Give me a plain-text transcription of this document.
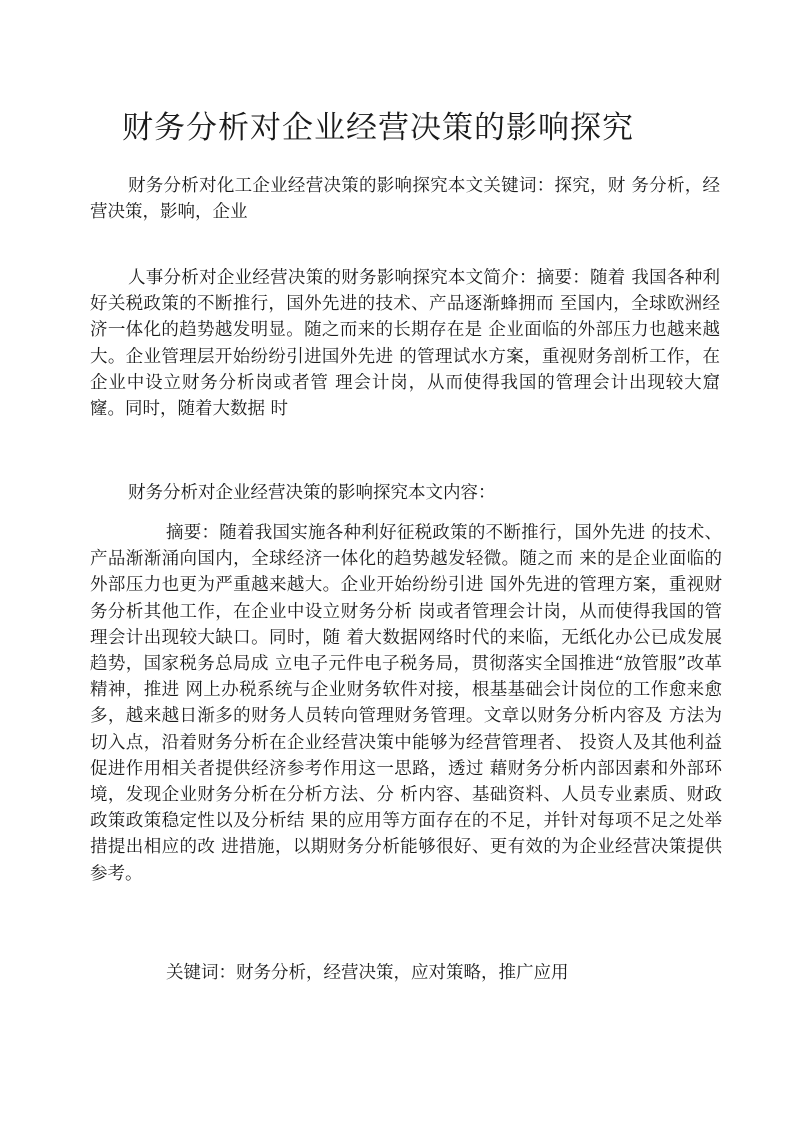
财务分析对企业经营决策的影响探究

财务分析对化工企业经营决策的影响探究本文关键词：探究，财 务分析，经营决策，影响，企业

人事分析对企业经营决策的财务影响探究本文简介：摘要：随着 我国各种利好关税政策的不断推行，国外先进的技术、产品逐渐蜂拥而 至国内，全球欧洲经济一体化的趋势越发明显。随之而来的长期存在是 企业面临的外部压力也越来越大。企业管理层开始纷纷引进国外先进 的管理试水方案，重视财务剖析工作，在企业中设立财务分析岗或者管 理会计岗，从而使得我国的管理会计出现较大窟窿。同时，随着大数据 时

财务分析对企业经营决策的影响探究本文内容：

摘要：随着我国实施各种利好征税政策的不断推行，国外先进 的技术、产品渐渐涌向国内，全球经济一体化的趋势越发轻微。随之而 来的是企业面临的外部压力也更为严重越来越大。企业开始纷纷引进 国外先进的管理方案，重视财务分析其他工作，在企业中设立财务分析 岗或者管理会计岗，从而使得我国的管理会计出现较大缺口。同时，随 着大数据网络时代的来临，无纸化办公已成发展趋势，国家税务总局成 立电子元件电子税务局，贯彻落实全国推进“放管服”改革精神，推进 网上办税系统与企业财务软件对接，根基基础会计岗位的工作愈来愈多，越来越日渐多的财务人员转向管理财务管理。文章以财务分析内容及 方法为切入点，沿着财务分析在企业经营决策中能够为经营管理者、 投资人及其他利益促进作用相关者提供经济参考作用这一思路，透过 藉财务分析内部因素和外部环境，发现企业财务分析在分析方法、分 析内容、基础资料、人员专业素质、财政政策政策稳定性以及分析结 果的应用等方面存在的不足，并针对每项不足之处举措提出相应的改 进措施，以期财务分析能够很好、更有效的为企业经营决策提供参考。

关键词：财务分析，经营决策，应对策略，推广应用
